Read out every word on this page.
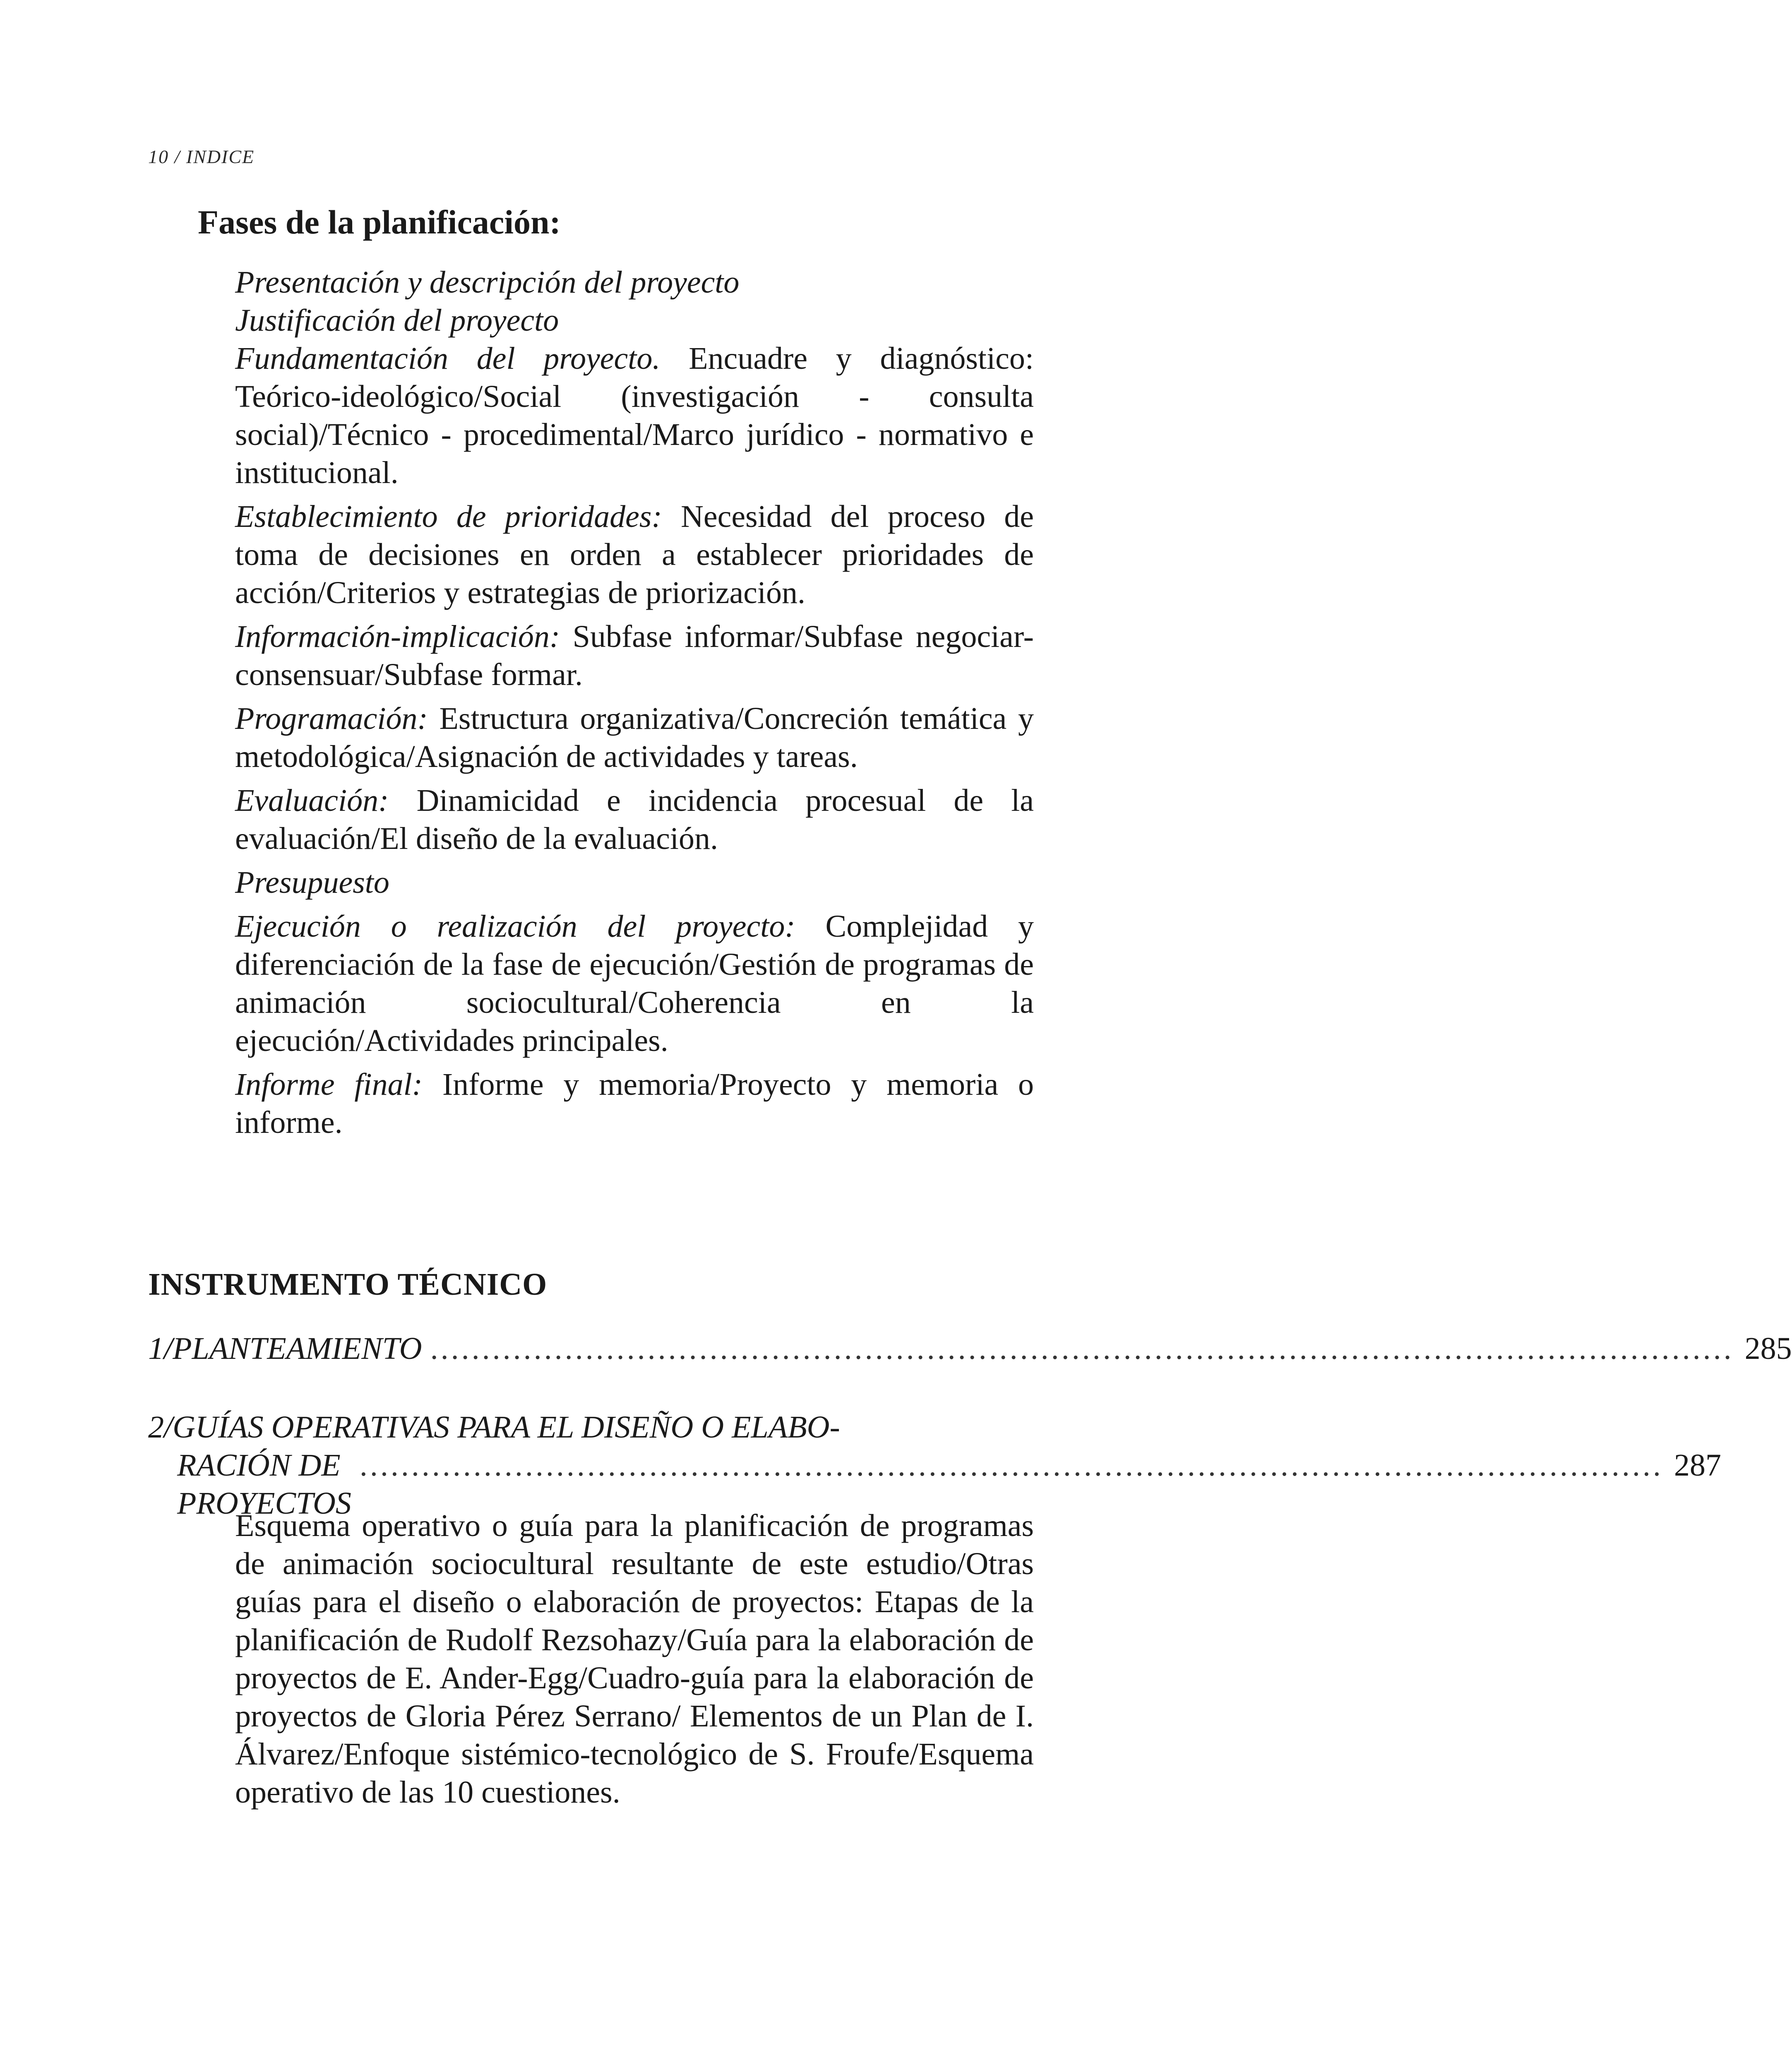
10 / INDICE
Fases de la planificación:

Presentación y descripción del proyecto

Justificación del proyecto

Fundamentación del proyecto. Encuadre y diagnóstico: Teórico-ideológico/Social (investigación - consulta social)/Técnico - procedimental/Marco jurídico - normativo e institucional.

Establecimiento de prioridades: Necesidad del proceso de toma de decisiones en orden a establecer prioridades de acción/Criterios y estrategias de priorización.

Información-implicación: Subfase informar/Subfase negociar-consensuar/Subfase formar.

Programación: Estructura organizativa/Concreción temática y metodológica/Asignación de actividades y tareas.

Evaluación: Dinamicidad e incidencia procesual de la evaluación/El diseño de la evaluación.

Presupuesto

Ejecución o realización del proyecto: Complejidad y diferenciación de la fase de ejecución/Gestión de programas de animación sociocultural/Coherencia en la ejecución/Actividades principales.

Informe final: Informe y memoria/Proyecto y memoria o informe.

INSTRUMENTO TÉCNICO
1/PLANTEAMIENTO .............................................................................................................................. 285
2/GUÍAS OPERATIVAS PARA EL DISEÑO O ELABO-
RACIÓN DE PROYECTOS
.............................................................................................................................. 287

Esquema operativo o guía para la planificación de programas de animación sociocultural resultante de este estudio/Otras guías para el diseño o elaboración de proyectos: Etapas de la planificación de Rudolf Rezsohazy/Guía para la elaboración de proyectos de E. Ander-Egg/Cuadro-guía para la elaboración de proyectos de Gloria Pérez Serrano/ Elementos de un Plan de I. Álvarez/Enfoque sistémico-tecnológico de S. Froufe/Esquema operativo de las 10 cuestiones.
